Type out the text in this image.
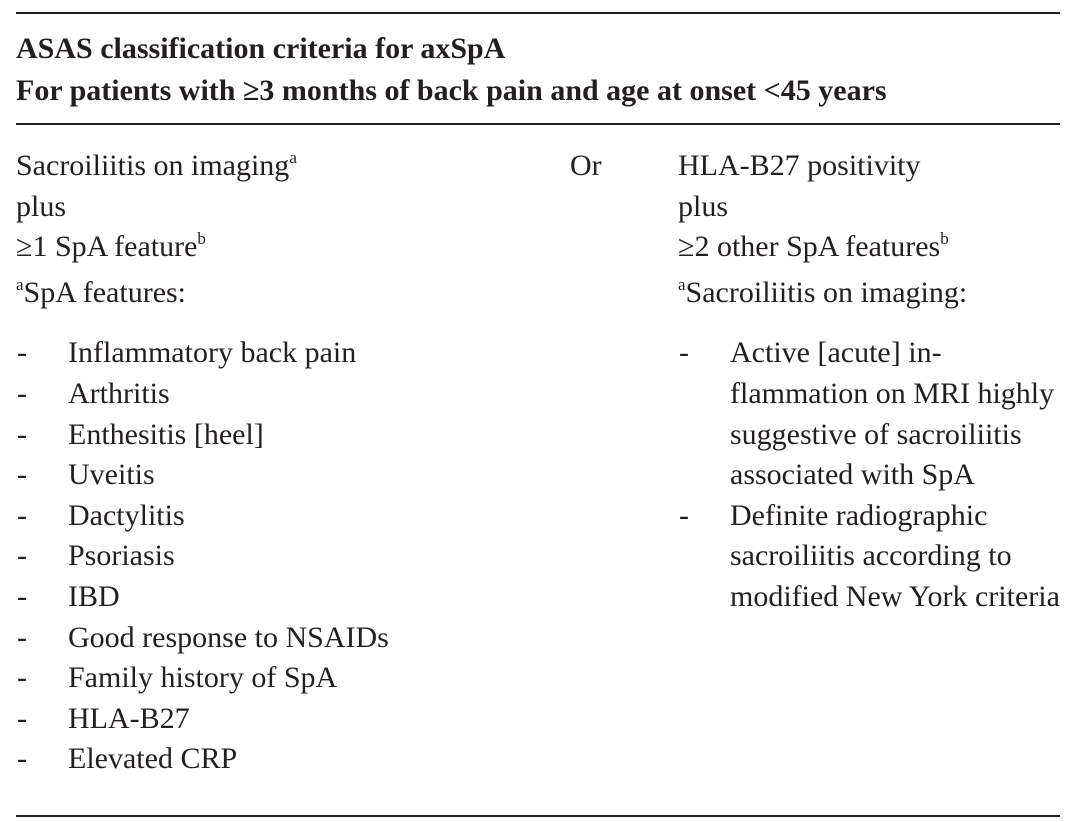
ASAS classification criteria for axSpA
For patients with ≥3 months of back pain and age at onset <45 years
Sacroiliitis on imaging$^a$
plus
≥1 SpA feature$^b$
$^a$SpA features:
- Inflammatory back pain
- Arthritis
- Enthesitis [heel]
- Uveitis
- Dactylitis
- Psoriasis
- IBD
- Good response to NSAIDs
- Family history of SpA
- HLA-B27
- Elevated CRP
Or	HLA-B27 positivity
plus
≥2 other SpA features$^b$
$^a$Sacroiliitis on imaging:
- Active [acute] in-flammation on MRI highly suggestive of sacroiliitis associated with SpA
- Definite radiographic sacroiliitis according to modified New York criteria
